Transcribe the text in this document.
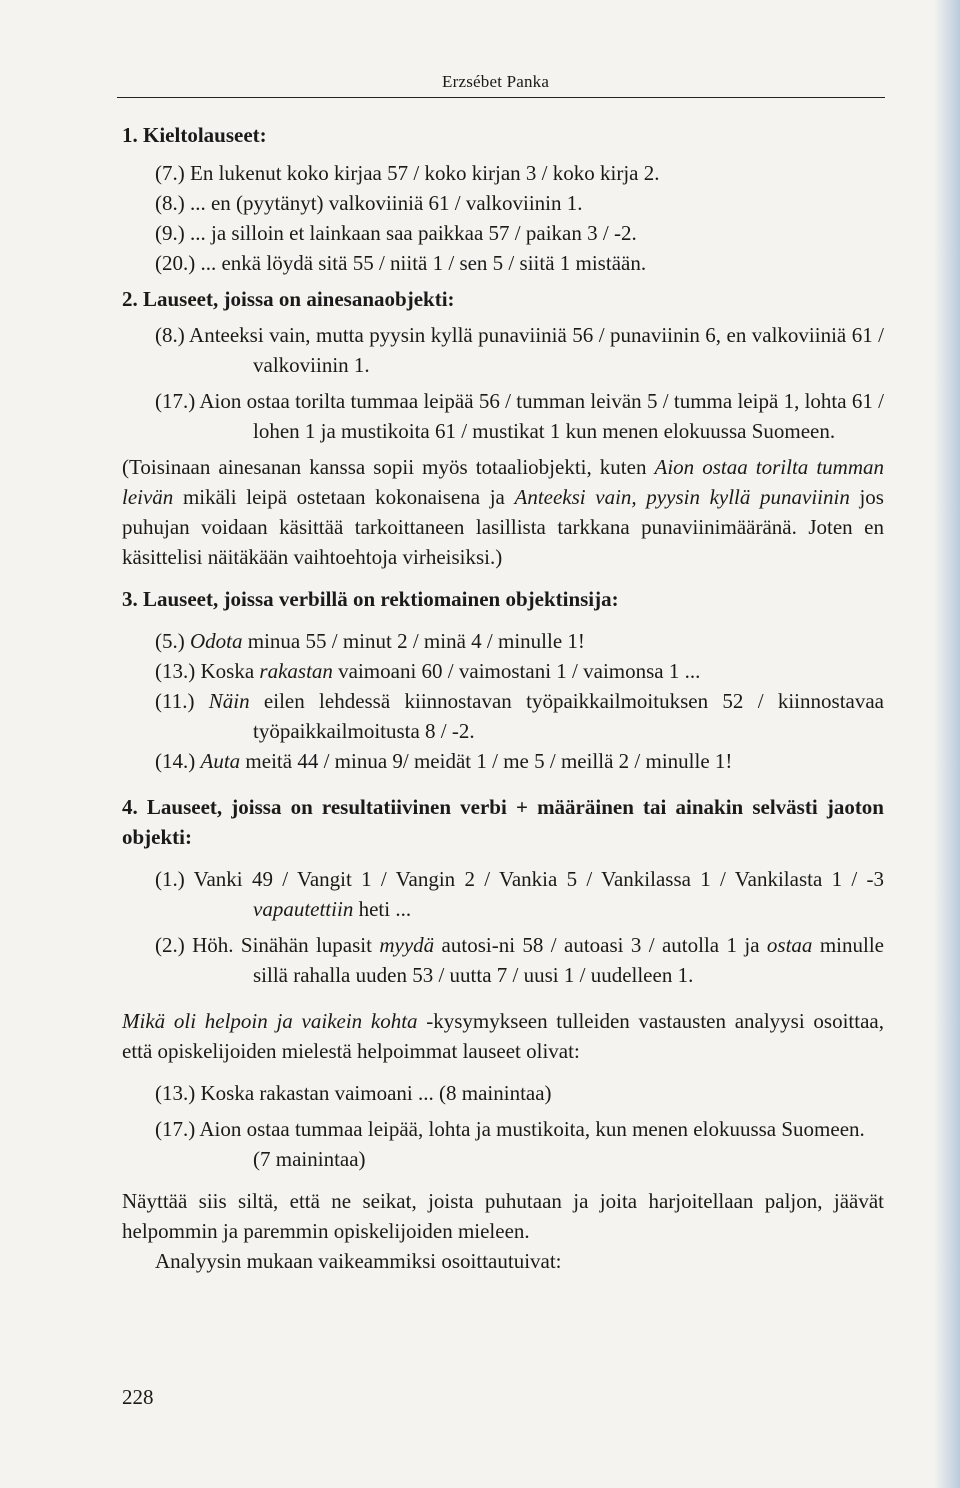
Erzsébet Panka

1. Kieltolauseet:

(7.) En lukenut koko kirjaa 57 / koko kirjan 3 / koko kirja 2.

(8.) ... en (pyytänyt) valkoviiniä 61 / valkoviinin 1.

(9.) ... ja silloin et lainkaan saa paikkaa 57 / paikan 3 / -2.

(20.) ... enkä löydä sitä 55 / niitä 1 / sen 5 / siitä 1 mistään.

2. Lauseet, joissa on ainesanaobjekti:

(8.) Anteeksi vain, mutta pyysin kyllä punaviiniä 56 / punaviinin 6, en valkoviiniä 61 / valkoviinin 1.

(17.) Aion ostaa torilta tummaa leipää 56 / tumman leivän 5 / tumma leipä 1, lohta 61 / lohen 1 ja mustikoita 61 / mustikat 1 kun menen elokuussa Suomeen.

(Toisinaan ainesanan kanssa sopii myös totaaliobjekti, kuten Aion ostaa torilta tumman leivän mikäli leipä ostetaan kokonaisena ja Anteeksi vain, pyysin kyllä punaviinin jos puhujan voidaan käsittää tarkoittaneen lasillista tarkkana punaviinimääränä. Joten en käsittelisi näitäkään vaihtoehtoja virheisiksi.)

3. Lauseet, joissa verbillä on rektiomainen objektinsija:

(5.) Odota minua 55 / minut 2 / minä 4 / minulle 1!

(13.) Koska rakastan vaimoani 60 / vaimostani 1 / vaimonsa 1 ...

(11.) Näin eilen lehdessä kiinnostavan työpaikkailmoituksen 52 / kiinnostavaa työpaikkailmoitusta 8 / -2.

(14.) Auta meitä 44 / minua 9/ meidät 1 / me 5 / meillä 2 / minulle 1!

4. Lauseet, joissa on resultatiivinen verbi + määräinen tai ainakin selvästi jaoton objekti:

(1.) Vanki 49 / Vangit 1 / Vangin 2 / Vankia 5 / Vankilassa 1 / Vankilasta 1 / -3 vapautettiin heti ...

(2.) Höh. Sinähän lupasit myydä autosi-ni 58 / autoasi 3 / autolla 1 ja ostaa minulle sillä rahalla uuden 53 / uutta 7 / uusi 1 / uudelleen 1.

Mikä oli helpoin ja vaikein kohta -kysymykseen tulleiden vastausten analyysi osoittaa, että opiskelijoiden mielestä helpoimmat lauseet olivat:

(13.) Koska rakastan vaimoani ... (8 mainintaa)

(17.) Aion ostaa tummaa leipää, lohta ja mustikoita, kun menen elokuussa Suomeen. (7 mainintaa)

Näyttää siis siltä, että ne seikat, joista puhutaan ja joita harjoitellaan paljon, jäävät helpommin ja paremmin opiskelijoiden mieleen.

Analyysin mukaan vaikeammiksi osoittautuivat:

228
